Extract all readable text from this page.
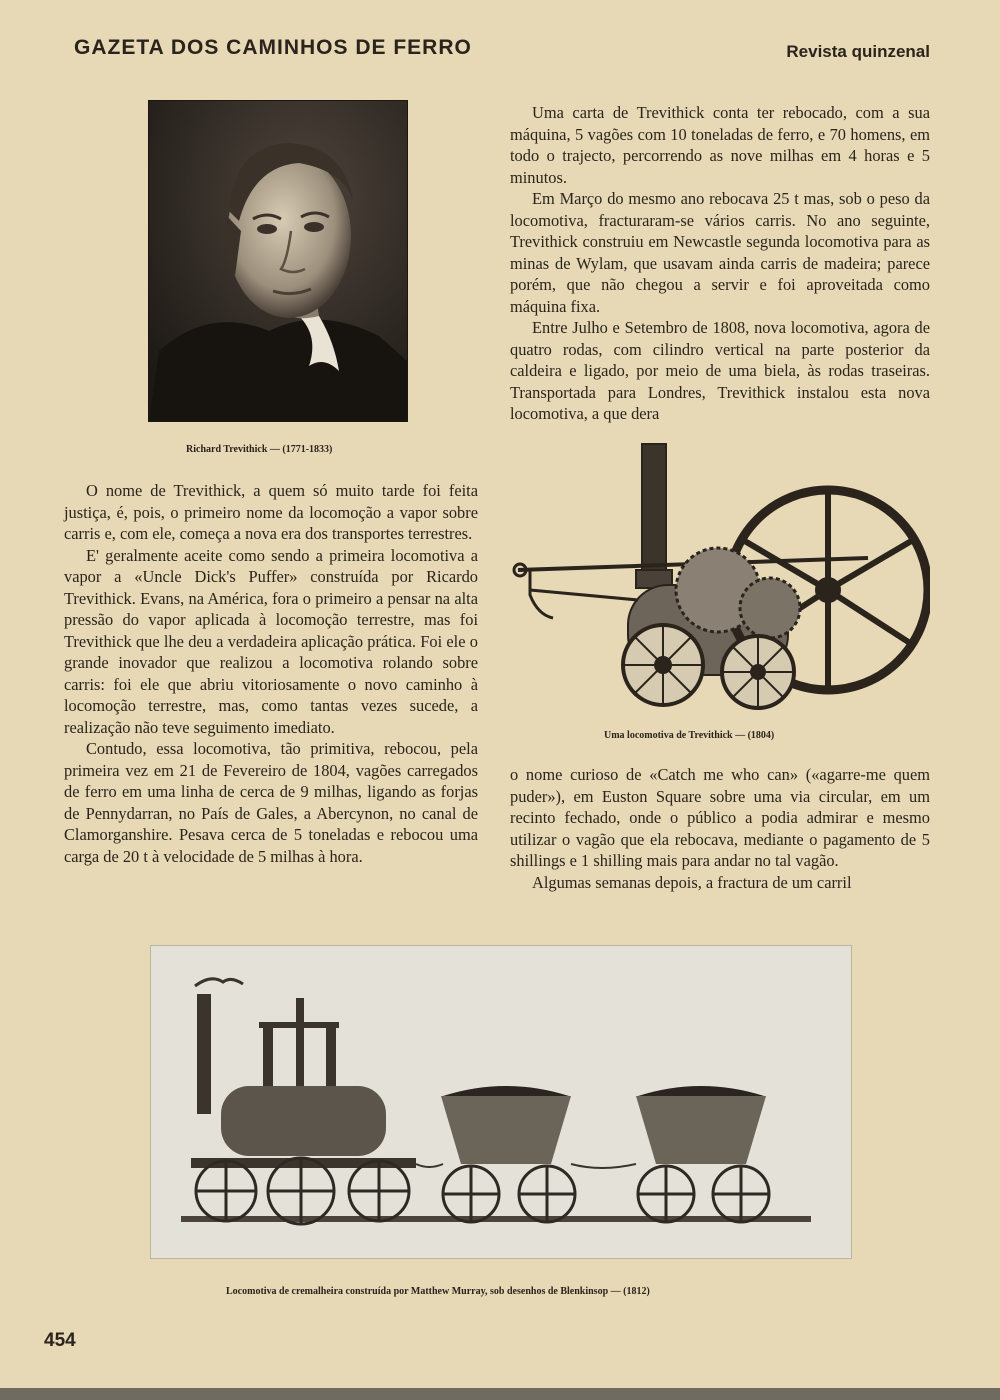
GAZETA DOS CAMINHOS DE FERRO	Revista quinzenal
Richard Trevithick — (1771-1833)

Uma carta de Trevithick conta ter rebocado, com a sua máquina, 5 vagões com 10 toneladas de ferro, e 70 homens, em todo o trajecto, percorrendo as nove milhas em 4 horas e 5 minutos.

Em Março do mesmo ano rebocava 25 t mas, sob o peso da locomotiva, fracturaram-se vários carris. No ano seguinte, Trevithick construiu em Newcastle segunda locomotiva para as minas de Wylam, que usavam ainda carris de madeira; parece porém, que não chegou a servir e foi aproveitada como máquina fixa.

Entre Julho e Setembro de 1808, nova locomotiva, agora de quatro rodas, com cilindro vertical na parte posterior da caldeira e ligado, por meio de uma biela, às rodas traseiras. Transportada para Londres, Trevithick instalou esta nova locomotiva, a que dera

Uma locomotiva de Trevithick — (1804)

O nome de Trevithick, a quem só muito tarde foi feita justiça, é, pois, o primeiro nome da locomoção a vapor sobre carris e, com ele, começa a nova era dos transportes terrestres.

E' geralmente aceite como sendo a primeira locomotiva a vapor a «Uncle Dick's Puffer» construída por Ricardo Trevithick. Evans, na América, fora o primeiro a pensar na alta pressão do vapor aplicada à locomoção terrestre, mas foi Trevithick que lhe deu a verdadeira aplicação prática. Foi ele o grande inovador que realizou a locomotiva rolando sobre carris: foi ele que abriu vitoriosamente o novo caminho à locomoção terrestre, mas, como tantas vezes sucede, a realização não teve seguimento imediato.

Contudo, essa locomotiva, tão primitiva, rebocou, pela primeira vez em 21 de Fevereiro de 1804, vagões carregados de ferro em uma linha de cerca de 9 milhas, ligando as forjas de Pennydarran, no País de Gales, a Abercynon, no canal de Clamorganshire. Pesava cerca de 5 toneladas e rebocou uma carga de 20 t à velocidade de 5 milhas à hora.

o nome curioso de «Catch me who can» («agarre-me quem puder»), em Euston Square sobre uma via circular, em um recinto fechado, onde o público a podia admirar e mesmo utilizar o vagão que ela rebocava, mediante o pagamento de 5 shillings e 1 shilling mais para andar no tal vagão.

Algumas semanas depois, a fractura de um carril

Locomotiva de cremalheira construída por Matthew Murray, sob desenhos de Blenkinsop — (1812)
454
